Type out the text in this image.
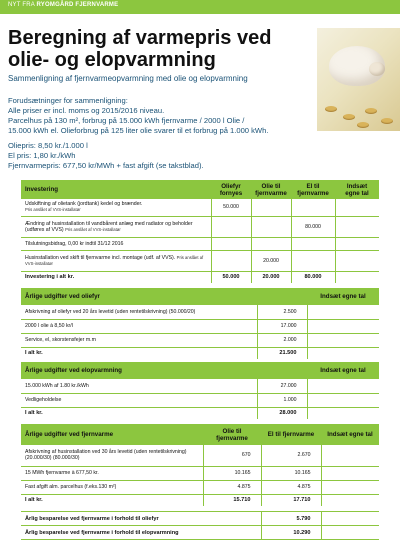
NYT FRA RYOMGÅRD FJERNVARME
Beregning af varmepris ved olie- og elopvarmning
Sammenligning af fjernvarmeopvarmning med olie og elopvarmning

Forudsætninger for sammenligning:

Alle priser er incl. moms og 2015/2016 niveau.

Parcelhus på 130 m², forbrug på 15.000 kWh fjernvarme / 2000 l Olie /

15.000 kWh el. Olieforbrug på 125 liter olie svarer til et forbrug på 1.000 kWh.

Oliepris: 8,50 kr./1.000 l

El pris: 1,80 kr./kWh

Fjernvarmepris: 677,50 kr/MWh + fast afgift (se takstblad).

Investering	Oliefyr fornyes	Olie til fjernvarme	El til fjernvarme	Indsæt egne tal
Udskiftning af olietank (jordtank) kedel og brænder.
Pris anslået af VVS-installatør	50.000			
Ændring af husinstallation til vandbårent anlæg med radiator og beholder (udføres af VVS) Pris anslået af VVS-installatør			80.000	
Tilslutningsbidrag, 0,00 kr indtil 31/12 2016				
Husinstallation ved skift til fjernvarme incl. montage (udf. af VVS). Pris anslået af VVS-installatør		20.000		
Investering i alt kr.	50.000	20.000	80.000	
Årlige udgifter ved oliefyr		Indsæt egne tal
Afskrivning af oliefyr ved 20 års levetid (uden rentetilskrivning) (50.000/20)	2.500	
2000 l olie à 8,50 kr/l	17.000	
Service, el, skorstensfejer m.m	2.000	
I alt kr.	21.500	
Årlige udgifter ved elopvarmning		Indsæt egne tal
15.000 kWh af 1.80 kr./kWh	27.000	
Vedligeholdelse	1.000	
I alt kr.	28.000	
Årlige udgifter ved fjernvarme	Olie til fjernvarme	El til fjernvarme	Indsæt egne tal
Afskrivning af husinstallation ved 30 års levetid (uden rentetilskrivning) (20.000/30) (80.000/30)	670	2.670	
15 MWh fjernvarme à 677,50 kr.	10.165	10.165	
Fast afgift alm. parcelhus (f.eks.130 m²)	4.875	4.875	
I alt kr.	15.710	17.710	
Årlig besparelse ved fjernvarme i forhold til oliefyr	5.790	
Årlig besparelse ved fjernvarme i forhold til elopvarmning	10.290	
